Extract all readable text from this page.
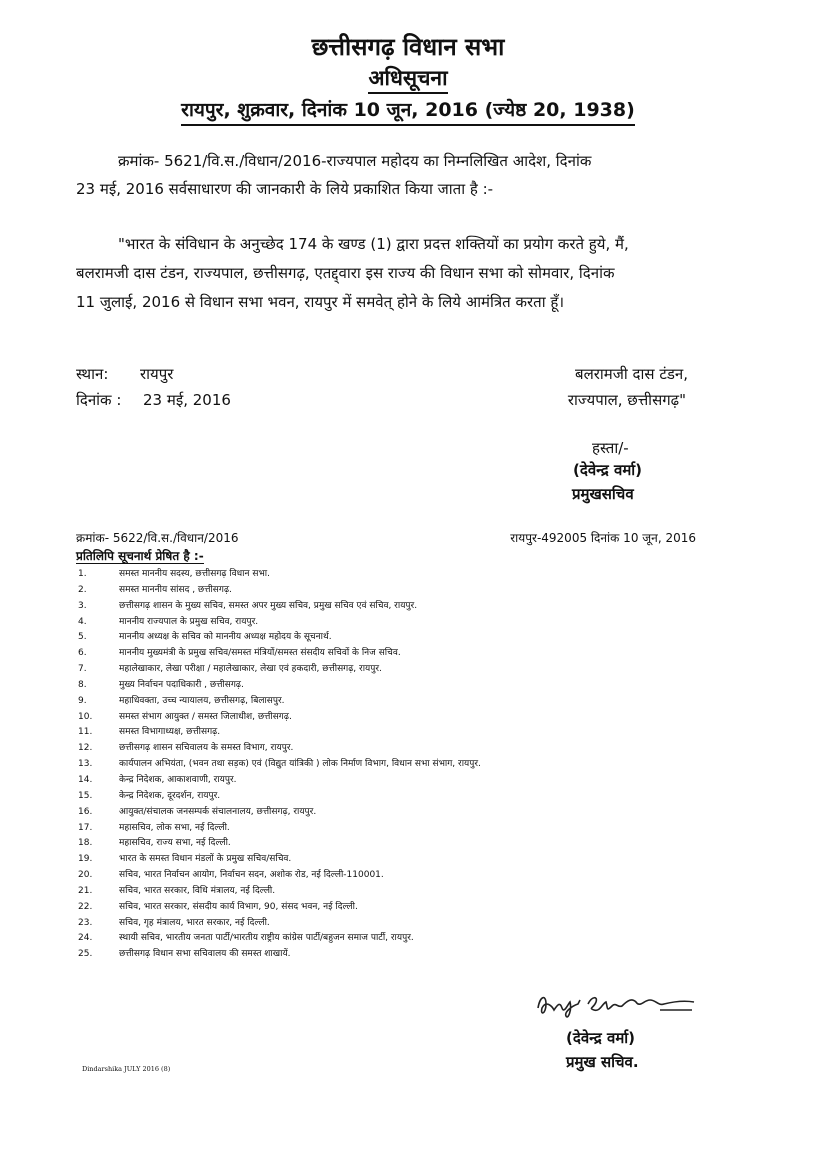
छत्तीसगढ़ विधान सभा
अधिसूचना
रायपुर, शुक्रवार, दिनांक 10 जून, 2016 (ज्येष्ठ 20, 1938)
क्रमांक- 5621/वि.स./विधान/2016-राज्यपाल महोदय का निम्नलिखित आदेश, दिनांक
23 मई, 2016 सर्वसाधारण की जानकारी के लिये प्रकाशित किया जाता है :-
"भारत के संविधान के अनुच्छेद 174 के खण्ड (1) द्वारा प्रदत्त शक्तियों का प्रयोग करते हुये, मैं,
बलरामजी दास टंडन, राज्यपाल, छत्तीसगढ़, एतद्द्वारा इस राज्य की विधान सभा को सोमवार, दिनांक
11 जुलाई, 2016 से विधान सभा भवन, रायपुर में समवेत् होने के लिये आमंत्रित करता हूँ।
स्थान: रायपुर
दिनांक : 23 मई, 2016
बलरामजी दास टंडन,
राज्यपाल, छत्तीसगढ़"
हस्ता/-
(देवेन्द्र वर्मा)
प्रमुखसचिव
क्रमांक- 5622/वि.स./विधान/2016	रायपुर-492005 दिनांक 10 जून, 2016
प्रतिलिपि सूचनार्थ प्रेषित है :-
1.	समस्त माननीय सदस्य, छत्तीसगढ़ विधान सभा.
2.	समस्त माननीय सांसद , छत्तीसगढ़.
3.	छत्तीसगढ़ शासन के मुख्य सचिव, समस्त अपर मुख्य सचिव, प्रमुख सचिव एवं सचिव, रायपुर.
4.	माननीय राज्यपाल के प्रमुख सचिव, रायपुर.
5.	माननीय अध्यक्ष के सचिव को माननीय अध्यक्ष महोदय के सूचनार्थ.
6.	माननीय मुख्यमंत्री के प्रमुख सचिव/समस्त मंत्रियों/समस्त संसदीय सचिवों के निज सचिव.
7.	महालेखाकार, लेखा परीक्षा / महालेखाकार, लेखा एवं हकदारी, छत्तीसगढ़, रायपुर.
8.	मुख्य निर्वाचन पदाधिकारी , छत्तीसगढ़.
9.	महाधिवक्ता, उच्च न्यायालय, छत्तीसगढ़, बिलासपुर.
10.	समस्त संभाग आयुक्त / समस्त जिलाधीश, छत्तीसगढ़.
11.	समस्त विभागाध्यक्ष, छत्तीसगढ़.
12.	छत्तीसगढ़ शासन सचिवालय के समस्त विभाग, रायपुर.
13.	कार्यपालन अभियंता, (भवन तथा सड़क) एवं (विद्युत यांत्रिकी ) लोक निर्माण विभाग, विधान सभा संभाग, रायपुर.
14.	केन्द्र निदेशक, आकाशवाणी, रायपुर.
15.	केन्द्र निदेशक, दूरदर्शन, रायपुर.
16.	आयुक्त/संचालक जनसम्पर्क संचालनालय, छत्तीसगढ़, रायपुर.
17.	महासचिव, लोक सभा, नई दिल्ली.
18.	महासचिव, राज्य सभा, नई दिल्ली.
19.	भारत के समस्त विधान मंडलों के प्रमुख सचिव/सचिव.
20.	सचिव, भारत निर्वाचन आयोग, निर्वाचन सदन, अशोक रोड, नई दिल्ली-110001.
21.	सचिव, भारत सरकार, विधि मंत्रालय, नई दिल्ली.
22.	सचिव, भारत सरकार, संसदीय कार्य विभाग, 90, संसद भवन, नई दिल्ली.
23.	सचिव, गृह मंत्रालय, भारत सरकार, नई दिल्ली.
24.	स्थायी सचिव, भारतीय जनता पार्टी/भारतीय राष्ट्रीय कांग्रेस पार्टी/बहुजन समाज पार्टी, रायपुर.
25.	छत्तीसगढ़ विधान सभा सचिवालय की समस्त शाखायें.
(देवेन्द्र वर्मा)
प्रमुख सचिव.
Dindarshika JULY 2016 (8)
